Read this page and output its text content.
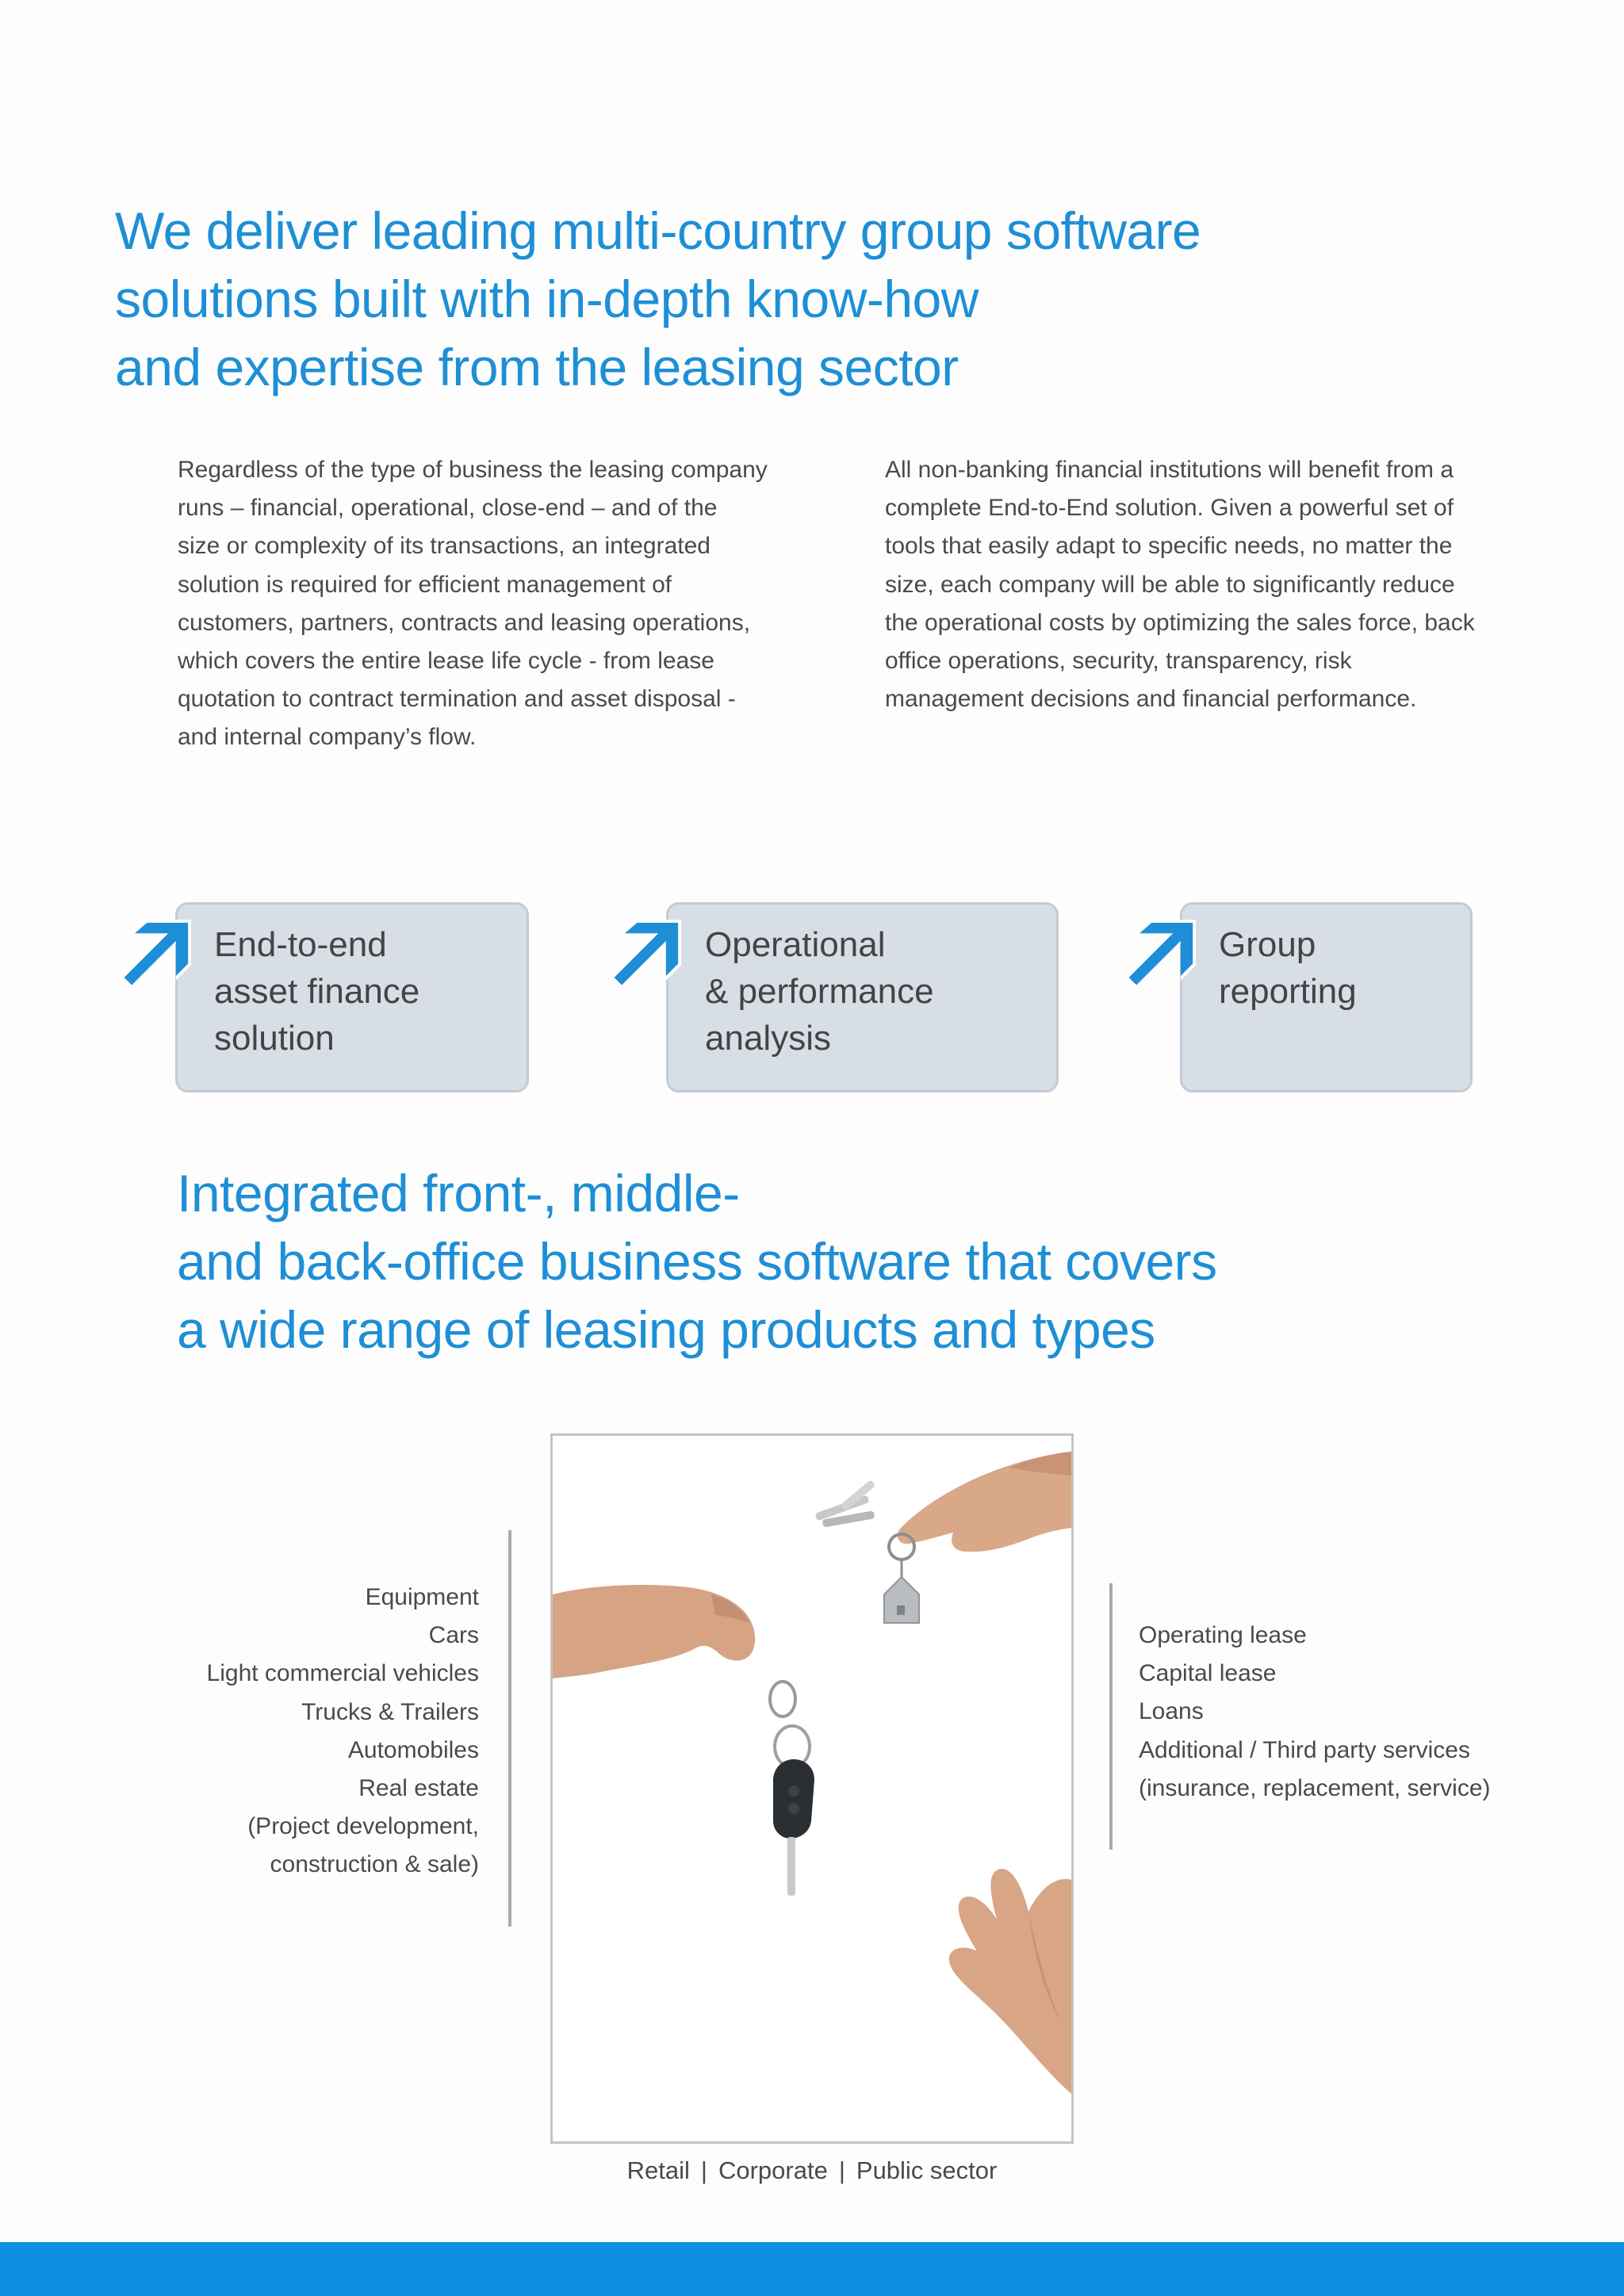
We deliver leading multi-country group software
solutions built with in-depth know-how
and expertise from the leasing sector

Regardless of the type of business the leasing company
runs – financial, operational, close-end – and of the
size or complexity of its transactions, an integrated
solution is required for efficient management of
customers, partners, contracts and leasing operations,
which covers the entire lease life cycle - from lease
quotation to contract termination and asset disposal -
and internal company’s flow.

All non-banking financial institutions will benefit from a
complete End-to-End solution. Given a powerful set of
tools that easily adapt to specific needs, no matter the
size, each company will be able to significantly reduce
the operational costs by optimizing the sales force, back
office operations, security, transparency, risk
management decisions and financial performance.

End-to-end
asset finance
solution
Operational
& performance
analysis
Group
reporting
Integrated front-, middle-
and back-office business software that covers
a wide range of leasing products and types
Equipment
Cars
Light commercial vehicles
Trucks & Trailers
Automobiles
Real estate
(Project development,
construction & sale)
Operating lease
Capital lease
Loans
Additional / Third party services
(insurance, replacement, service)
Retail | Corporate | Public sector
